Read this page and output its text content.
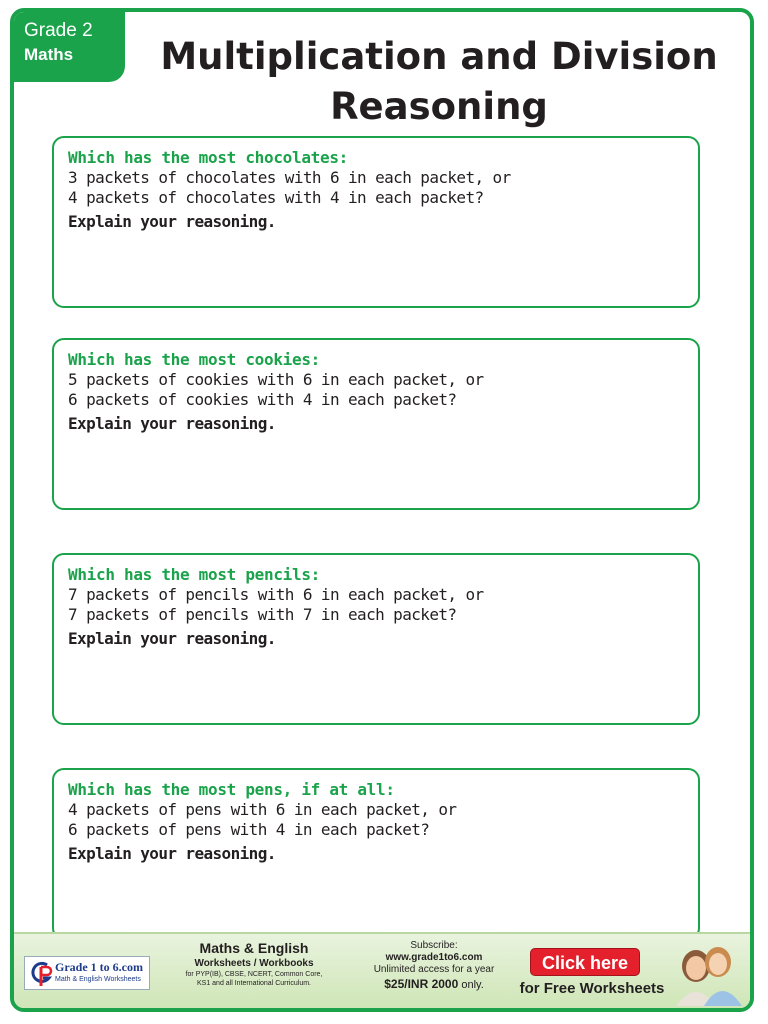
Grade 2
Maths	Multiplication and Division
Reasoning
Which has the most chocolates:
3 packets of chocolates with 6 in each packet, or
4 packets of chocolates with 4 in each packet?
Explain your reasoning.
Which has the most cookies:
5 packets of cookies with 6 in each packet, or
6 packets of cookies with 4 in each packet?
Explain your reasoning.
Which has the most pencils:
7 packets of pencils with 6 in each packet, or
7 packets of pencils with 7 in each packet?
Explain your reasoning.
Which has the most pens, if at all:
4 packets of pens with 6 in each packet, or
6 packets of pens with 4 in each packet?
Explain your reasoning.
Grade 1 to 6.com
Math & English Worksheets
Maths & English
Worksheets / Workbooks
for PYP(IB), CBSE, NCERT, Common Core,
KS1 and all International Curriculum.
Subscribe:
www.grade1to6.com
Unlimited access for a year
$25/INR 2000 only.
Click here
for Free Worksheets
